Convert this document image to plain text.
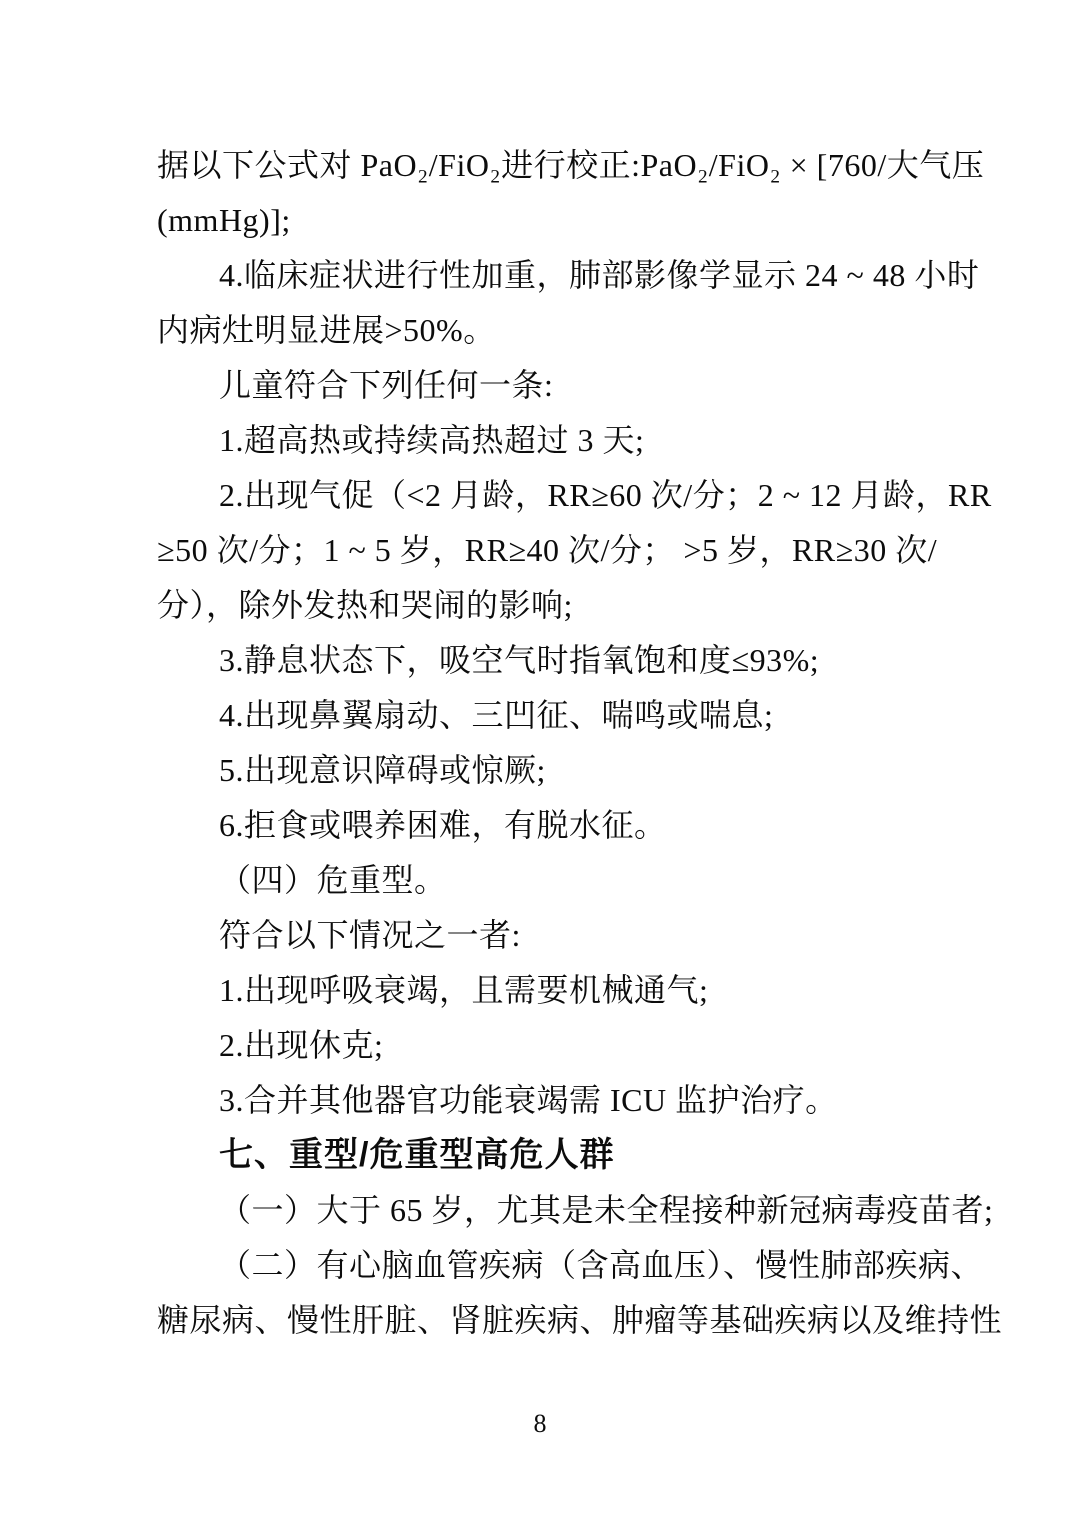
据以下公式对 PaO₂/FiO₂进行校正:PaO₂/FiO₂ × [760/大气压
(mmHg)];
4.临床症状进行性加重，肺部影像学显示 24 ~ 48 小时
内病灶明显进展>50%。
儿童符合下列任何一条:
1.超高热或持续高热超过 3 天;
2.出现气促（<2 月龄，RR≥60 次/分；2 ~ 12 月龄，RR
≥50 次/分；1 ~ 5 岁，RR≥40 次/分； >5 岁，RR≥30 次/
分），除外发热和哭闹的影响;
3.静息状态下，吸空气时指氧饱和度≤93%;
4.出现鼻翼扇动、三凹征、喘鸣或喘息;
5.出现意识障碍或惊厥;
6.拒食或喂养困难，有脱水征。
（四）危重型。
符合以下情况之一者:
1.出现呼吸衰竭，且需要机械通气;
2.出现休克;
3.合并其他器官功能衰竭需 ICU 监护治疗。
七、重型/危重型高危人群
（一）大于 65 岁，尤其是未全程接种新冠病毒疫苗者;
（二）有心脑血管疾病（含高血压）、慢性肺部疾病、
糖尿病、慢性肝脏、肾脏疾病、肿瘤等基础疾病以及维持性
8
